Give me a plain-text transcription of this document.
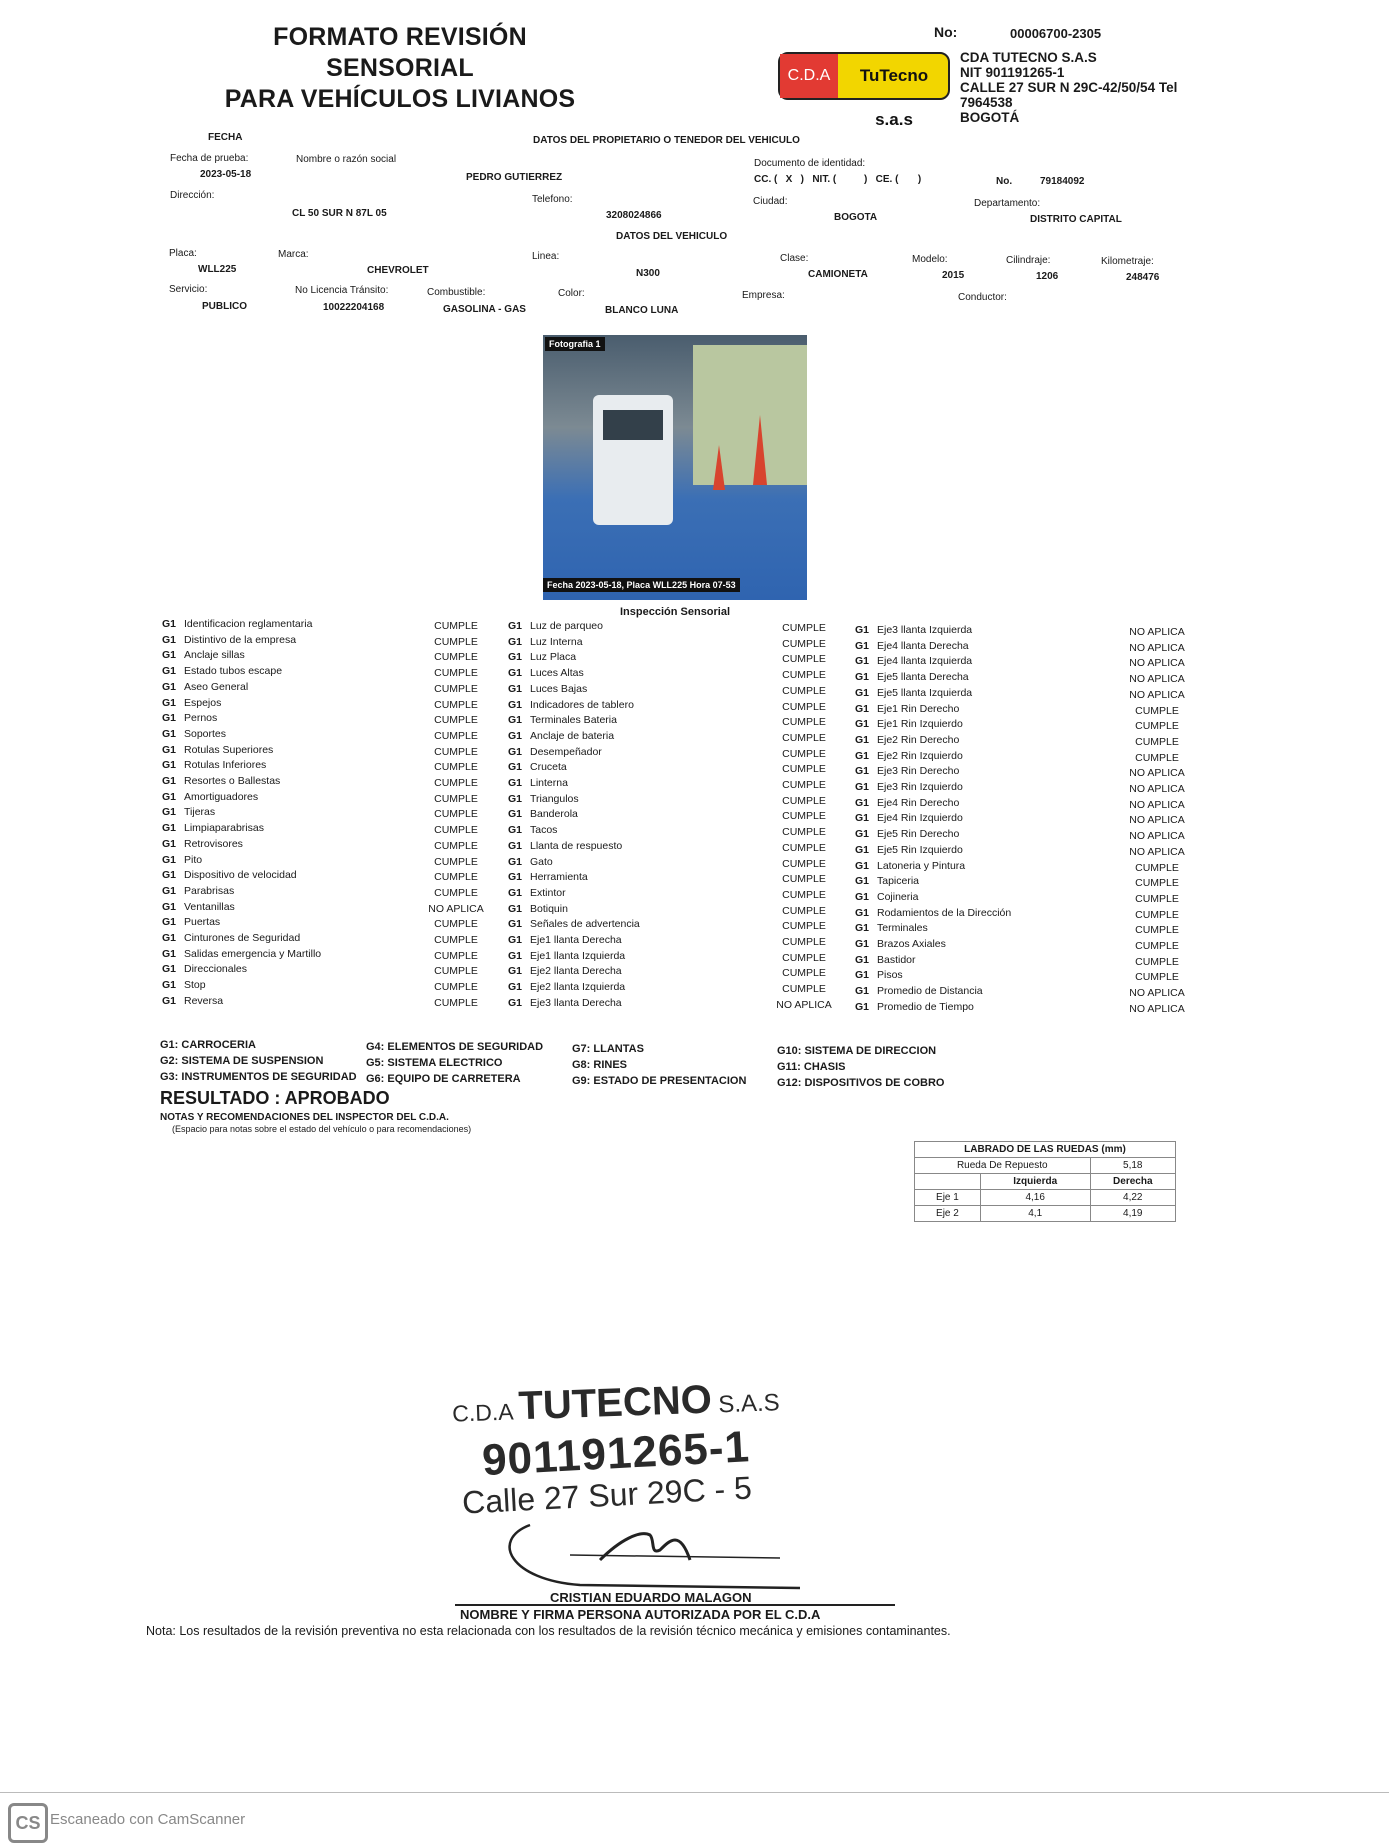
FORMATO REVISIÓN SENSORIAL
PARA VEHÍCULOS LIVIANOS
No:	00006700-2305
C.D.A	TuTecno s.a.s
CDA TUTECNO S.A.S
NIT 901191265-1
CALLE 27 SUR N 29C-42/50/54 Tel 7964538
BOGOTÁ
FECHA	DATOS DEL PROPIETARIO O TENEDOR DEL VEHICULO
Fecha de prueba:
2023-05-18
Nombre o razón social
PEDRO GUTIERREZ
Documento de identidad:
CC. (   X   )   NIT. (          )   CE. (       )	No.	79184092
Dirección:
CL 50 SUR N 87L 05
Telefono:
3208024866
Ciudad:
BOGOTA
Departamento:
DISTRITO CAPITAL
DATOS DEL VEHICULO
Placa:
WLL225
Marca:
CHEVROLET
Linea:
N300
Clase:
CAMIONETA
Modelo:
2015
Cilindraje:
1206
Kilometraje:
248476
Servicio:
PUBLICO
No Licencia Tránsito:
10022204168
Combustible:
GASOLINA - GAS
Color:
BLANCO LUNA
Empresa:	Conductor:
Fotografia 1
Fecha 2023-05-18, Placa WLL225 Hora 07-53
Inspección Sensorial
G1 Identificacion reglamentaria	CUMPLE
G1 Distintivo de la empresa	CUMPLE
G1 Anclaje sillas	CUMPLE
G1 Estado tubos escape	CUMPLE
G1 Aseo General	CUMPLE
G1 Espejos	CUMPLE
G1 Pernos	CUMPLE
G1 Soportes	CUMPLE
G1 Rotulas Superiores	CUMPLE
G1 Rotulas Inferiores	CUMPLE
G1 Resortes o Ballestas	CUMPLE
G1 Amortiguadores	CUMPLE
G1 Tijeras	CUMPLE
G1 Limpiaparabrisas	CUMPLE
G1 Retrovisores	CUMPLE
G1 Pito	CUMPLE
G1 Dispositivo de velocidad	CUMPLE
G1 Parabrisas	CUMPLE
G1 Ventanillas	NO APLICA
G1 Puertas	CUMPLE
G1 Cinturones de Seguridad	CUMPLE
G1 Salidas emergencia y Martillo	CUMPLE
G1 Direccionales	CUMPLE
G1 Stop	CUMPLE
G1 Reversa	CUMPLE
G1 Luz de parqueo	CUMPLE
G1 Luz Interna	CUMPLE
G1 Luz Placa	CUMPLE
G1 Luces Altas	CUMPLE
G1 Luces Bajas	CUMPLE
G1 Indicadores de tablero	CUMPLE
G1 Terminales Bateria	CUMPLE
G1 Anclaje de bateria	CUMPLE
G1 Desempeñador	CUMPLE
G1 Cruceta	CUMPLE
G1 Linterna	CUMPLE
G1 Triangulos	CUMPLE
G1 Banderola	CUMPLE
G1 Tacos	CUMPLE
G1 Llanta de respuesto	CUMPLE
G1 Gato	CUMPLE
G1 Herramienta	CUMPLE
G1 Extintor	CUMPLE
G1 Botiquin	CUMPLE
G1 Señales de advertencia	CUMPLE
G1 Eje1 llanta Derecha	CUMPLE
G1 Eje1 llanta Izquierda	CUMPLE
G1 Eje2 llanta Derecha	CUMPLE
G1 Eje2 llanta Izquierda	CUMPLE
G1 Eje3 llanta Derecha	NO APLICA
G1 Eje3 llanta Izquierda	NO APLICA
G1 Eje4 llanta Derecha	NO APLICA
G1 Eje4 llanta Izquierda	NO APLICA
G1 Eje5 llanta Derecha	NO APLICA
G1 Eje5 llanta Izquierda	NO APLICA
G1 Eje1 Rin Derecho	CUMPLE
G1 Eje1 Rin Izquierdo	CUMPLE
G1 Eje2 Rin Derecho	CUMPLE
G1 Eje2 Rin Izquierdo	CUMPLE
G1 Eje3 Rin Derecho	NO APLICA
G1 Eje3 Rin Izquierdo	NO APLICA
G1 Eje4 Rin Derecho	NO APLICA
G1 Eje4 Rin Izquierdo	NO APLICA
G1 Eje5 Rin Derecho	NO APLICA
G1 Eje5 Rin Izquierdo	NO APLICA
G1 Latoneria y Pintura	CUMPLE
G1 Tapiceria	CUMPLE
G1 Cojineria	CUMPLE
G1 Rodamientos de la Dirección	CUMPLE
G1 Terminales	CUMPLE
G1 Brazos Axiales	CUMPLE
G1 Bastidor	CUMPLE
G1 Pisos	CUMPLE
G1 Promedio de Distancia	NO APLICA
G1 Promedio de Tiempo	NO APLICA
G1: CARROCERIA
G2: SISTEMA DE SUSPENSION
G3: INSTRUMENTOS DE SEGURIDAD
G4: ELEMENTOS DE SEGURIDAD
G5: SISTEMA ELECTRICO
G6: EQUIPO DE CARRETERA
G7: LLANTAS
G8: RINES
G9: ESTADO DE PRESENTACION
G10: SISTEMA DE DIRECCION
G11: CHASIS
G12: DISPOSITIVOS DE COBRO
RESULTADO : APROBADO
NOTAS Y RECOMENDACIONES DEL INSPECTOR DEL C.D.A.
(Espacio para notas sobre el estado del vehículo o para recomendaciones)
LABRADO DE LAS RUEDAS (mm)		
Rueda De Repuesto		5,18
	Izquierda	Derecha
Eje 1	4,16	4,22
Eje 2	4,1	4,19
C.D.A TUTECNO S.A.S
901191265-1
Calle 27 Sur 29C - 5
CRISTIAN EDUARDO MALAGON
NOMBRE Y FIRMA PERSONA AUTORIZADA POR EL C.D.A
Nota: Los resultados de la revisión preventiva no esta relacionada con los resultados de la revisión técnico mecánica y emisiones contaminantes.
CS Escaneado con CamScanner
